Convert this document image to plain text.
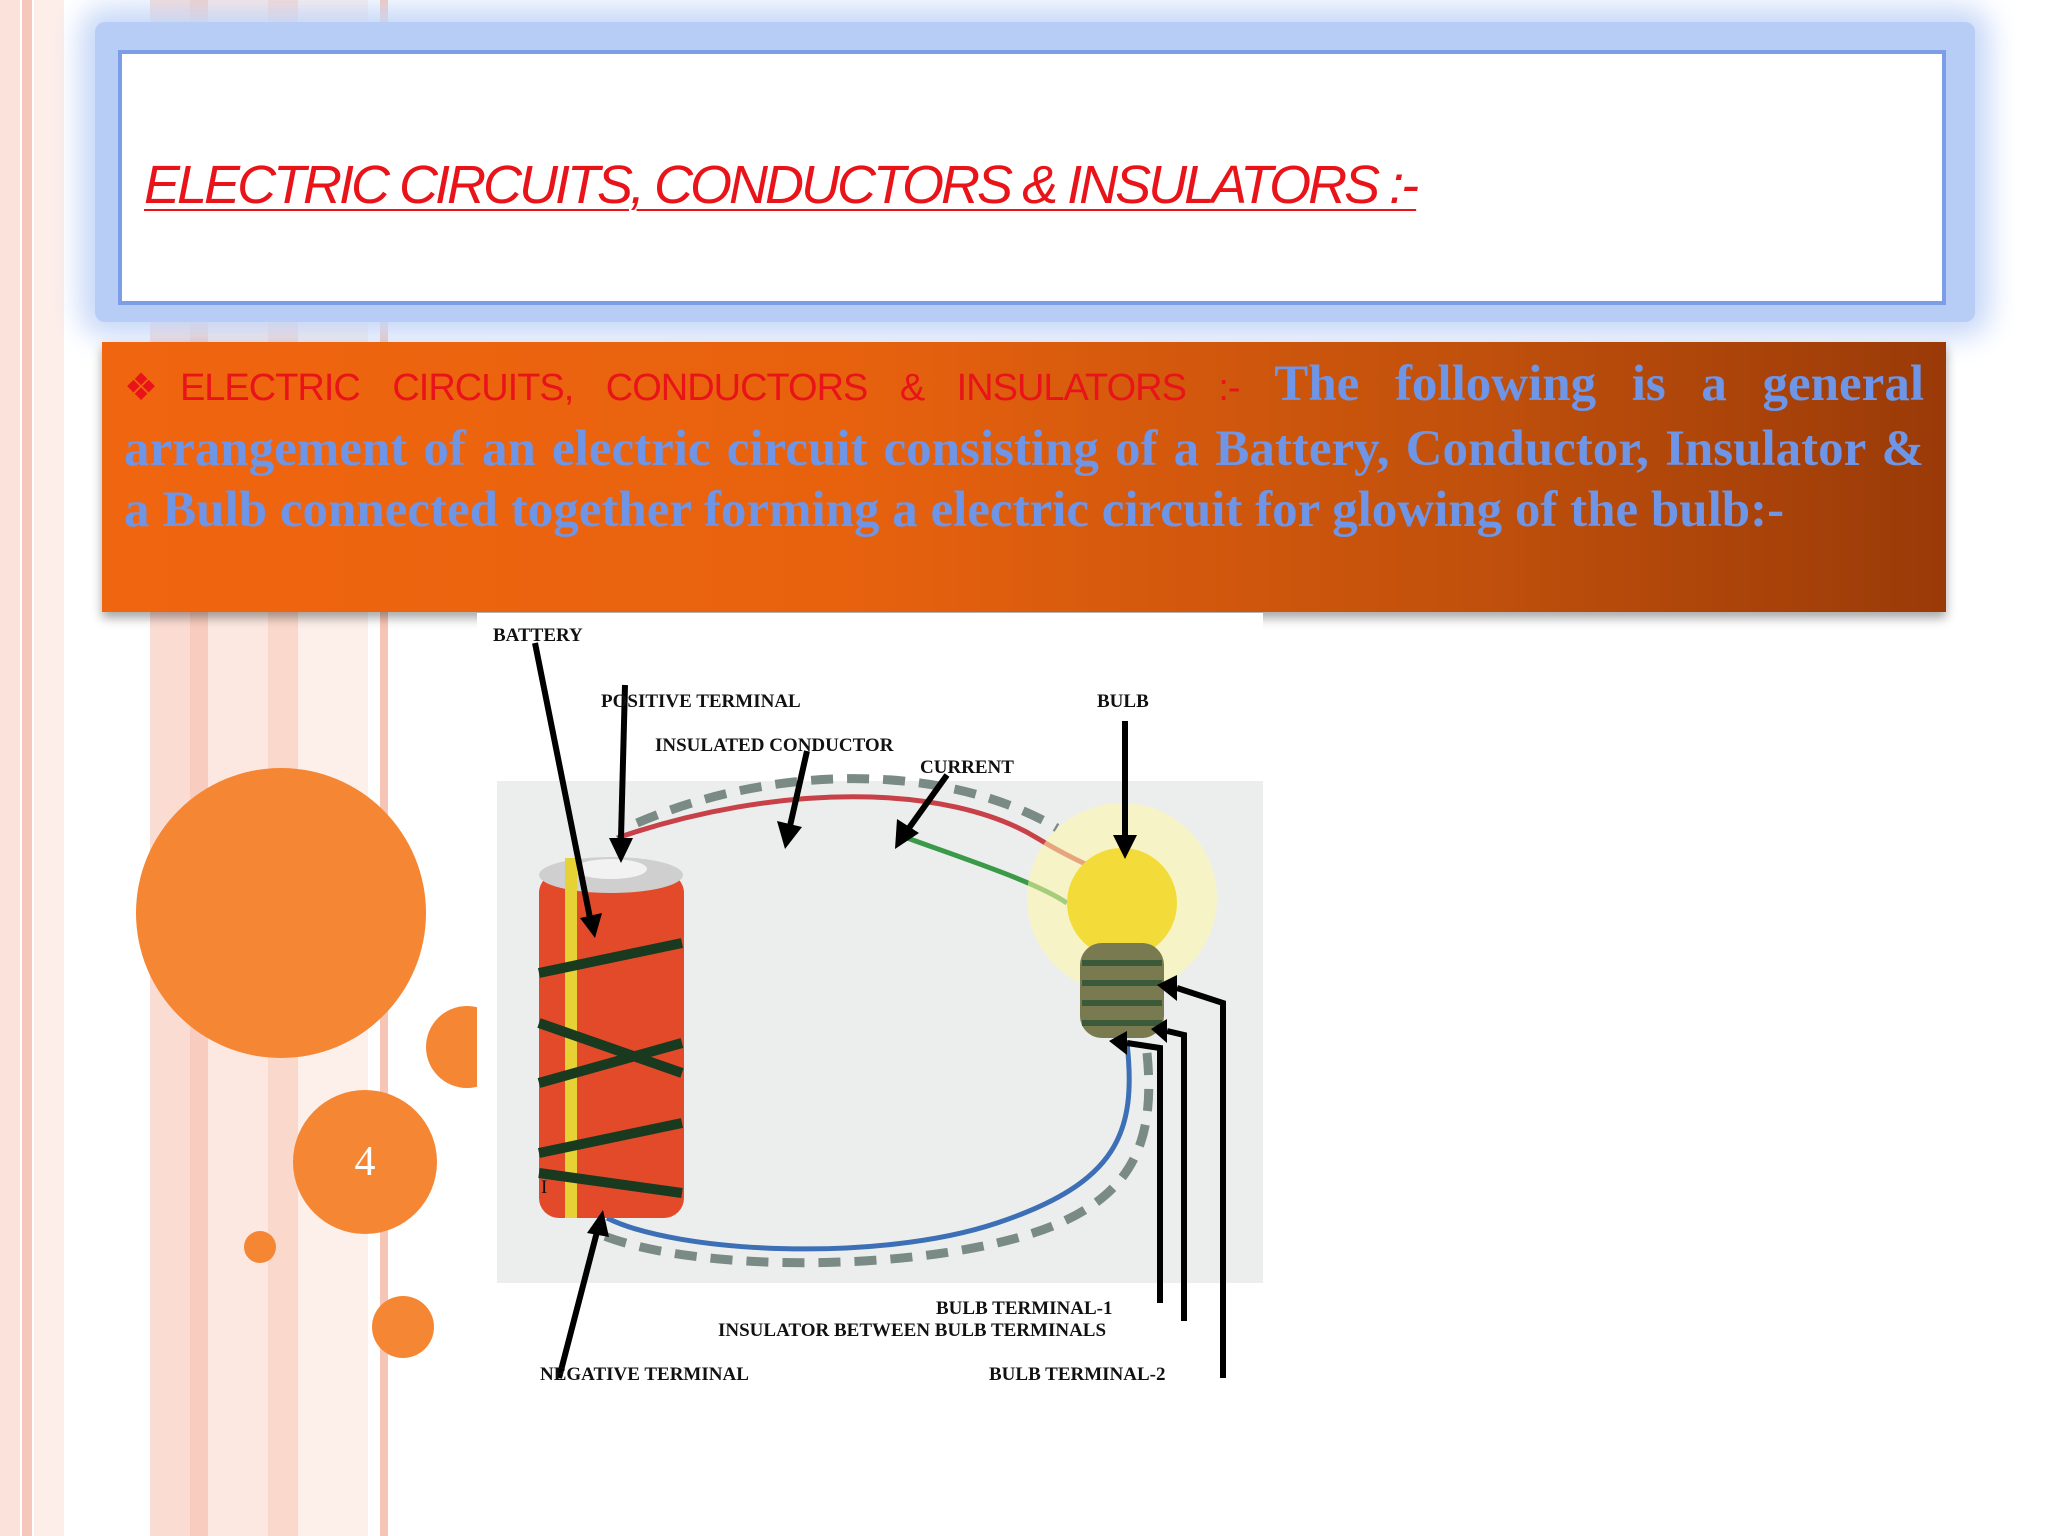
ELECTRIC CIRCUITS, CONDUCTORS & INSULATORS :-
❖ELECTRIC CIRCUITS, CONDUCTORS & INSULATORS :- The following is a general arrangement of an electric circuit consisting of a Battery, Conductor, Insulator & a Bulb connected together forming a electric circuit for glowing of the bulb:-
4
BATTERY
POSITIVE TERMINAL
INSULATED CONDUCTOR
CURRENT
BULB
I
BULB TERMINAL-1
INSULATOR BETWEEN BULB TERMINALS
NEGATIVE TERMINAL	BULB TERMINAL-2
